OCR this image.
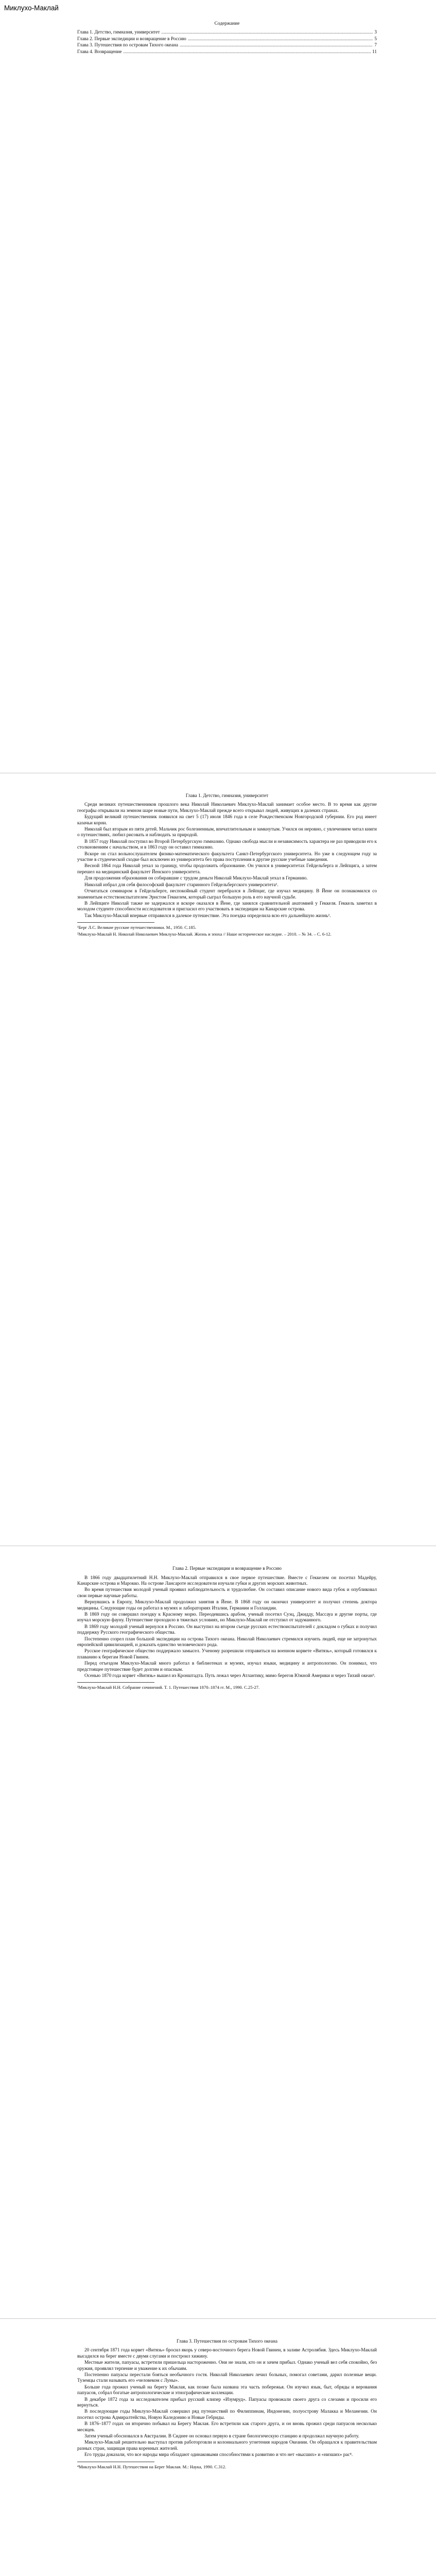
Миклухо-Маклай
Содержание
Глава 1. Детство, гимназия, университет .....	3
Глава 2. Первые экспедиции и возвращение в Россию .....	5
Глава 3. Путешествия по островам Тихого океана .....	7
Глава 4. Возвращение .....	11
Глава 1. Детство, гимназия, университет

Среди великих путешественников прошлого века Николай Николаевич Миклухо-Маклай занимает особое место. В то время как другие географы открывали на земном шаре новые пути, Миклухо-Маклай прежде всего открывал людей, живущих в далеких странах.

Будущий великий путешественник появился на свет 5 (17) июля 1846 года в селе Рождественском Новгородской губернии. Его род имеет казачьи корни.

Николай был вторым из пяти детей. Мальчик рос болезненным, впечатлительным и замкнутым. Учился он неровно, с увлечением читал книги о путешествиях, любил рисовать и наблюдать за природой.

В 1857 году Николай поступил во Второй Петербургскую гимназию. Однако свобода мысли и независимость характера не раз приводили его к столкновениям с начальством, и в 1863 году он оставил гимназию.

Вскоре он стал вольнослушателем физико-математического факультета Санкт-Петербургского университета. Но уже в следующем году за участие в студенческой сходке был исключен из университета без права поступления в другие русские учебные заведения.

Весной 1864 года Николай уехал за границу, чтобы продолжить образование. Он учился в университетах Гейдельберга и Лейпцига, а затем перешел на медицинский факультет Йенского университета.

Для продолжения образования он собиравшие с трудом деньги Николай Миклухо-Маклай уехал в Германию.

Николай избрал для себя философский факультет старинного Гейдельбергского университета¹.

Отчитаться семинаром в Гейдельберге, неспокойный студент перебрался в Лейпциг, где изучал медицину. В Йене он познакомился со знаменитым естествоиспытателем Эрнстом Геккелем, который сыграл большую роль в его научной судьбе.

В Лейпциге Николай также не задержался и вскоре оказался в Йене, где занялся сравнительной анатомией у Геккеля. Геккель заметил в молодом студенте способности исследователя и пригласил его участвовать в экспедиции на Канарские острова.

Так Миклухо-Маклай впервые отправился в далекое путешествие. Эта поездка определила всю его дальнейшую жизнь².

¹Берг Л.С. Великие русские путешественники. М., 1950. С.185.
²Миклухо-Маклай Н. Николай Николаевич Миклухо-Маклай. Жизнь и эпоха // Наше историческое наследие. – 2010. – № 34. – С. 6-12.
Глава 2. Первые экспедиции и возвращение в Россию

В 1866 году двадцатилетний Н.Н. Миклухо-Маклай отправился в свое первое путешествие. Вместе с Геккелем он посетил Мадейру, Канарские острова и Марокко. На острове Лансароте исследователи изучали губки и других морских животных.

Во время путешествия молодой ученый проявил наблюдательность и трудолюбие. Он составил описание нового вида губок и опубликовал свои первые научные работы.

Вернувшись в Европу, Миклухо-Маклай продолжил занятия в Йене. В 1868 году он окончил университет и получил степень доктора медицины. Следующие годы он работал в музеях и лабораториях Италии, Германии и Голландии.

В 1869 году он совершил поездку к Красному морю. Переодевшись арабом, ученый посетил Суэц, Джидду, Массауа и другие порты, где изучал морскую фауну. Путешествие проходило в тяжелых условиях, но Миклухо-Маклай не отступил от задуманного.

В 1869 году молодой ученый вернулся в Россию. Он выступил на втором съезде русских естествоиспытателей с докладом о губках и получил поддержку Русского географического общества.

Постепенно созрел план большой экспедиции на острова Тихого океана. Николай Николаевич стремился изучить людей, еще не затронутых европейской цивилизацией, и доказать единство человеческого рода.

Русское географическое общество поддержало замысел. Ученому разрешили отправиться на военном корвете «Витязь», который готовился к плаванию к берегам Новой Гвинеи.

Перед отъездом Миклухо-Маклай много работал в библиотеках и музеях, изучал языки, медицину и антропологию. Он понимал, что предстоящее путешествие будет долгим и опасным.

Осенью 1870 года корвет «Витязь» вышел из Кронштадта. Путь лежал через Атлантику, мимо берегов Южной Америки и через Тихий океан³.

³Миклухо-Маклай Н.Н. Собрание сочинений. Т. 1. Путешествия 1870–1874 гг. М., 1990. С.25-27.
Глава 3. Путешествия по островам Тихого океана

20 сентября 1871 года корвет «Витязь» бросил якорь у северо-восточного берега Новой Гвинеи, в заливе Астролябия. Здесь Миклухо-Маклай высадился на берег вместе с двумя слугами и построил хижину.

Местные жители, папуасы, встретили пришельца настороженно. Они не знали, кто он и зачем прибыл. Однако ученый вел себя спокойно, без оружия, проявлял терпение и уважение к их обычаям.

Постепенно папуасы перестали бояться необычного гостя. Николай Николаевич лечил больных, помогал советами, дарил полезные вещи. Туземцы стали называть его «человеком с Луны».

Больше года прожил ученый на берегу Маклая, как позже была названа эта часть побережья. Он изучил язык, быт, обряды и верования папуасов, собрал богатые антропологические и этнографические коллекции.

В декабре 1872 года за исследователем прибыл русский клипер «Изумруд». Папуасы провожали своего друга со слезами и просили его вернуться.

В последующие годы Миклухо-Маклай совершил ряд путешествий по Филиппинам, Индонезии, полуострову Малакка и Меланезии. Он посетил острова Адмиралтейства, Новую Каледонию и Новые Гебриды.

В 1876–1877 годах он вторично побывал на Берегу Маклая. Его встретили как старого друга, и он вновь прожил среди папуасов несколько месяцев.

Затем ученый обосновался в Австралии. В Сиднее он основал первую в стране биологическую станцию и продолжал научную работу.

Миклухо-Маклай решительно выступал против работорговли и колониального угнетения народов Океании. Он обращался к правительствам разных стран, защищая права коренных жителей.

Его труды доказали, что все народы мира обладают одинаковыми способностями к развитию и что нет «высших» и «низших» рас⁴.

⁴Миклухо-Маклай Н.Н. Путешествия на Берег Маклая. М.: Наука, 1990. С.312.
